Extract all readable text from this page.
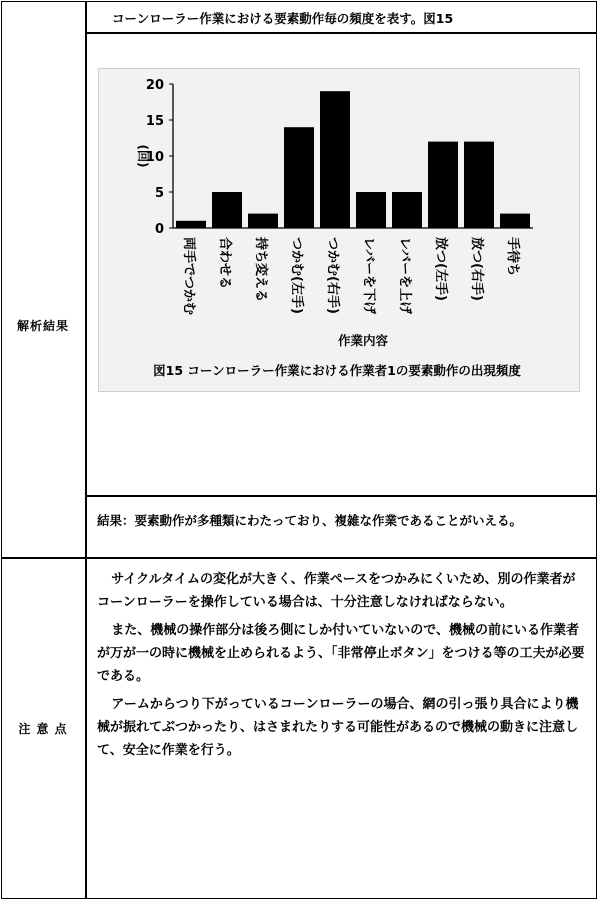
コーンローラー作業における要素動作毎の頻度を表す。図15
解析結果
注 意 点
0
5
10
15
20
(回)
両手でつかむ 合わせる 持ち変える つかむ(左手) つかむ(右手) レバーを下げ レバーを上げ 放つ(左手) 放つ(右手) 手待ち
作業内容
図15 コーンローラー作業における作業者1の要素動作の出現頻度
結果：要素動作が多種類にわたっており、複雑な作業であることがいえる。

サイクルタイムの変化が大きく、作業ペースをつかみにくいため、別の作業者がコーンローラーを操作している場合は、十分注意しなければならない。

また、機械の操作部分は後ろ側にしか付いていないので、機械の前にいる作業者が万が一の時に機械を止められるよう、「非常停止ボタン」をつける等の工夫が必要である。

アームからつり下がっているコーンローラーの場合、網の引っ張り具合により機械が振れてぶつかったり、はさまれたりする可能性があるので機械の動きに注意して、安全に作業を行う。
